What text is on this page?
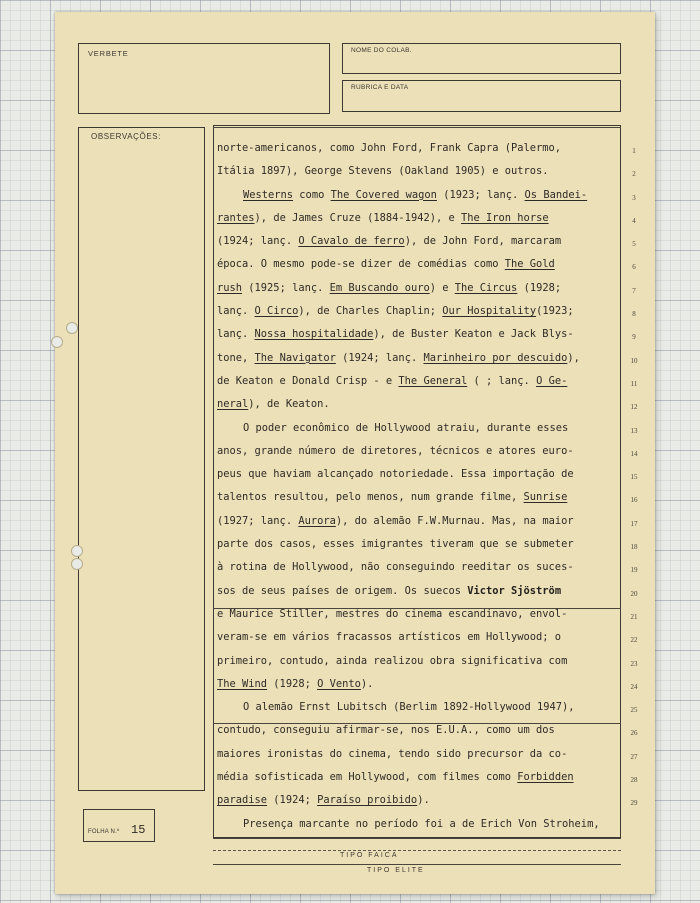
VERBETE	NOME DO COLAB.
RUBRICA E DATA
OBSERVAÇÕES:
norte-americanos, como John Ford, Frank Capra (Palermo,
Itália 1897), George Stevens (Oakland 1905) e outros.
Westerns como The Covered wagon (1923; lanç. Os Bandei-
rantes), de James Cruze (1884-1942), e The Iron horse
(1924; lanç. O Cavalo de ferro), de John Ford, marcaram
época. O mesmo pode-se dizer de comédias como The Gold
rush (1925; lanç. Em Buscando ouro) e The Circus (1928;
lanç. O Circo), de Charles Chaplin; Our Hospitality(1923;
lanç. Nossa hospitalidade), de Buster Keaton e Jack Blys-
tone, The Navigator (1924; lanç. Marinheiro por descuido),
de Keaton e Donald Crisp - e The General ( ; lanç. O Ge-
neral), de Keaton.
O poder econômico de Hollywood atraiu, durante esses
anos, grande número de diretores, técnicos e atores euro-
peus que haviam alcançado notoriedade. Essa importação de
talentos resultou, pelo menos, num grande filme, Sunrise
(1927; lanç. Aurora), do alemão F.W.Murnau. Mas, na maior
parte dos casos, esses imigrantes tiveram que se submeter
à rotina de Hollywood, não conseguindo reeditar os suces-
sos de seus países de origem. Os suecos Victor Sjöström
e Maurice Stiller, mestres do cinema escandinavo, envol-
veram-se em vários fracassos artísticos em Hollywood; o
primeiro, contudo, ainda realizou obra significativa com
The Wind (1928; O Vento).
O alemão Ernst Lubitsch (Berlim 1892-Hollywood 1947),
contudo, conseguiu afirmar-se, nos E.U.A., como um dos
maiores ironistas do cinema, tendo sido precursor da co-
média sofisticada em Hollywood, com filmes como Forbidden
paradise (1924; Paraíso proibido).
Presença marcante no período foi a de Erich Von Stroheim,
1
2
3
4
5
6
7
8
9
10
11
12
13
14
15
16
17
18
19
20
21
22
23
24
25
26
27
28
29
FOLHA N.º 15
TIPO FAICA
TIPO ELITE
